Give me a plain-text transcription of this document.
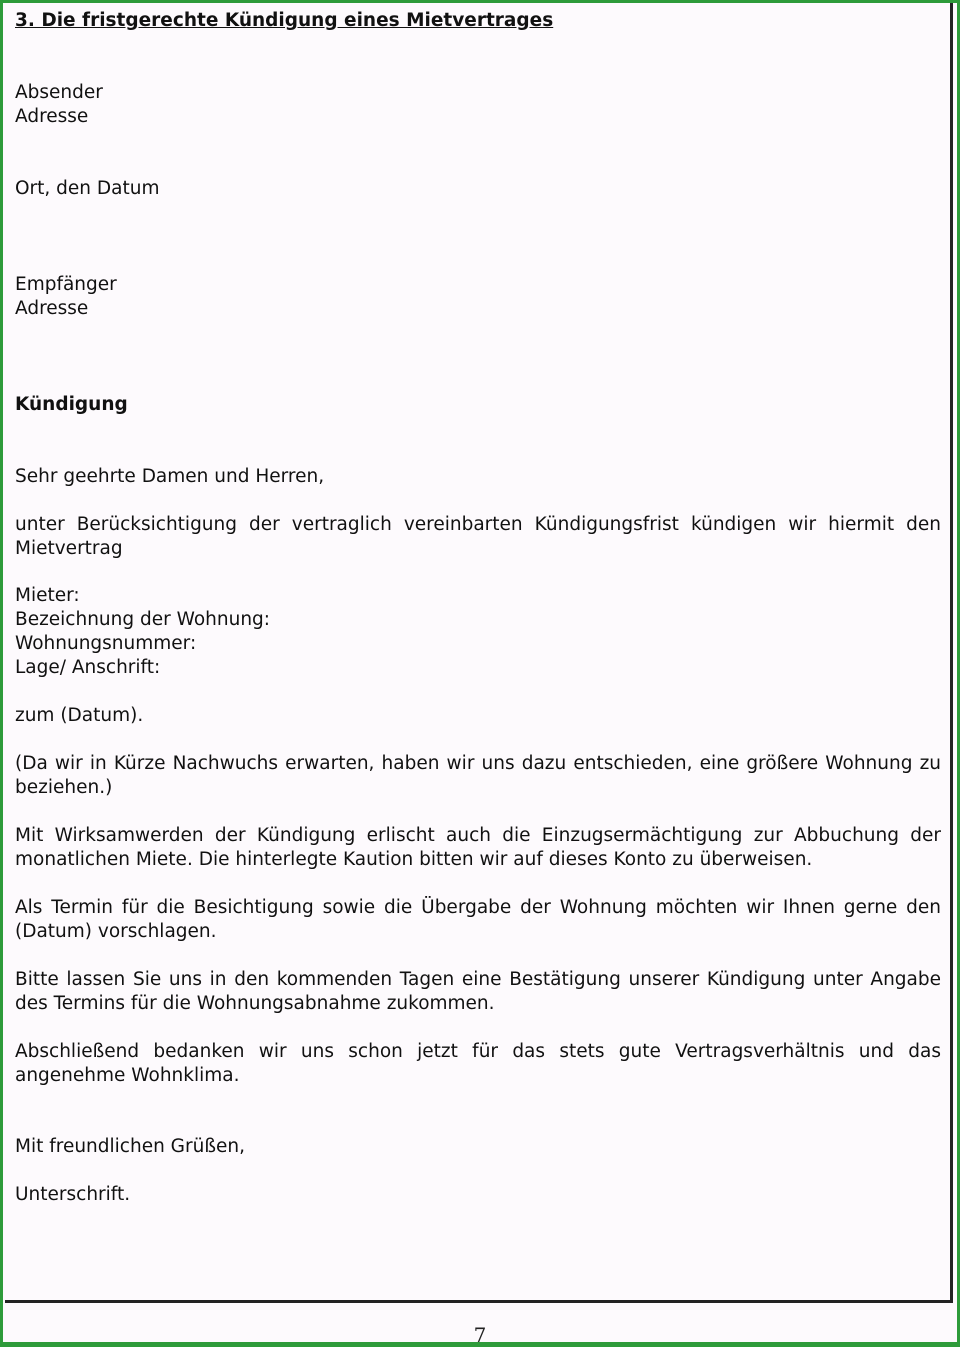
3. Die fristgerechte Kündigung eines Mietvertrages
Absender
Adresse
Ort, den Datum
Empfänger
Adresse
Kündigung
Sehr geehrte Damen und Herren,
unter Berücksichtigung der vertraglich vereinbarten Kündigungsfrist kündigen wir hiermit den Mietvertrag
Mieter:
Bezeichnung der Wohnung:
Wohnungsnummer:
Lage/ Anschrift:
zum (Datum).
(Da wir in Kürze Nachwuchs erwarten, haben wir uns dazu entschieden, eine größere Wohnung zu beziehen.)
Mit Wirksamwerden der Kündigung erlischt auch die Einzugsermächtigung zur Abbuchung der monatlichen Miete. Die hinterlegte Kaution bitten wir auf dieses Konto zu überweisen.
Als Termin für die Besichtigung sowie die Übergabe der Wohnung möchten wir Ihnen gerne den (Datum) vorschlagen.
Bitte lassen Sie uns in den kommenden Tagen eine Bestätigung unserer Kündigung unter Angabe des Termins für die Wohnungsabnahme zukommen.
Abschließend bedanken wir uns schon jetzt für das stets gute Vertragsverhältnis und das angenehme Wohnklima.
Mit freundlichen Grüßen,
Unterschrift.
7
